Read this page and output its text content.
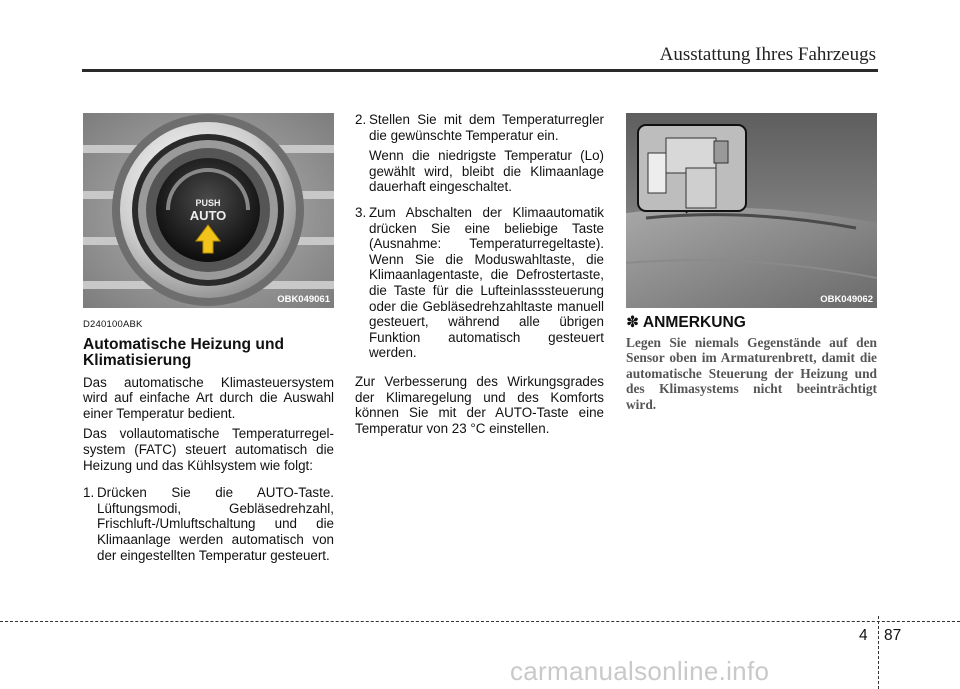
Ausstattung Ihres Fahrzeugs
PUSH
AUTO
OBK049061	OBK049062
D240100ABK
Automatische Heizung und Klimatisierung

Das automatische Klimasteuersystem wird auf einfache Art durch die Auswahl einer Temperatur bedient.

Das vollautomatische Temperaturregel-system (FATC) steuert automatisch die Heizung und das Kühlsystem wie folgt:

1. Drücken Sie die AUTO-Taste. Lüftungsmodi, Gebläsedrehzahl, Frischluft-/Umluftschaltung und die Klimaanlage werden automatisch von der eingestellten Temperatur gesteuert.
2. Stellen Sie mit dem Temperaturregler die gewünschte Temperatur ein.

Wenn die niedrigste Temperatur (Lo) gewählt wird, bleibt die Klimaanlage dauerhaft eingeschaltet.

3. Zum Abschalten der Klimaautomatik drücken Sie eine beliebige Taste (Ausnahme: Temperaturregeltaste). Wenn Sie die Moduswahltaste, die Klimaanlagentaste, die Defrostertaste, die Taste für die Lufteinlasssteuerung oder die Gebläsedrehzahltaste manuell gesteuert, während alle übrigen Funktion automatisch gesteuert werden.

Zur Verbesserung des Wirkungsgrades der Klimaregelung und des Komforts können Sie mit der AUTO-Taste eine Temperatur von 23 °C einstellen.

✽ ANMERKUNG

Legen Sie niemals Gegenstände auf den Sensor oben im Armaturenbrett, damit die automatische Steuerung der Heizung und des Klimasystems nicht beeinträchtigt wird.

4 87
carmanualsonline.info
